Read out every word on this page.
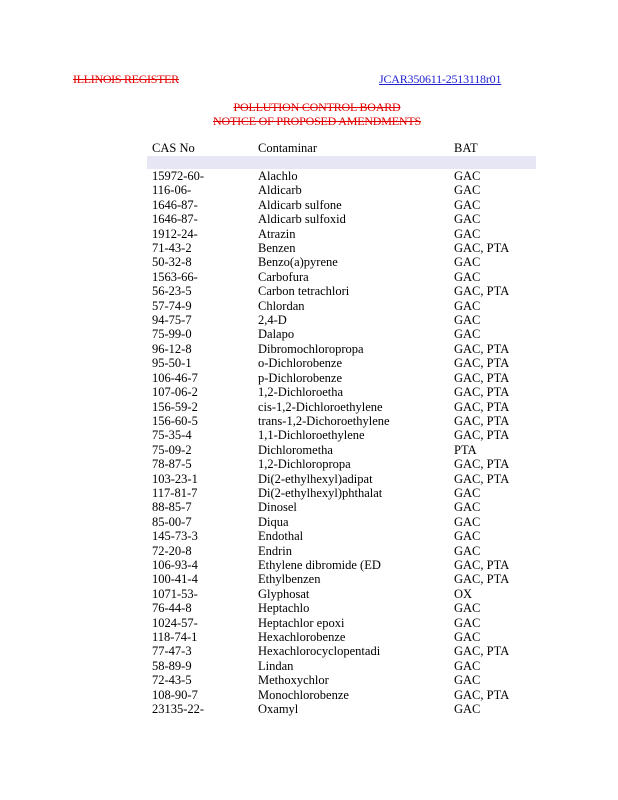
ILLINOIS REGISTER	JCAR350611-2513118r01
POLLUTION CONTROL BOARD
NOTICE OF PROPOSED AMENDMENTS
CAS No	Contaminar	BAT
15972-60-	Alachlo	GAC

116-06-	Aldicarb	GAC

1646-87-	Aldicarb sulfone	GAC

1646-87-	Aldicarb sulfoxid	GAC

1912-24-	Atrazin	GAC

71-43-2	Benzen	GAC, PTA

50-32-8	Benzo(a)pyrene	GAC

1563-66-	Carbofura	GAC

56-23-5	Carbon tetrachlori	GAC, PTA

57-74-9	Chlordan	GAC

94-75-7	2,4-D	GAC

75-99-0	Dalapo	GAC

96-12-8	Dibromochloropropa	GAC, PTA

95-50-1	o-Dichlorobenze	GAC, PTA

106-46-7	p-Dichlorobenze	GAC, PTA

107-06-2	1,2-Dichloroetha	GAC, PTA

156-59-2	cis-1,2-Dichloroethylene	GAC, PTA

156-60-5	trans-1,2-Dichoroethylene	GAC, PTA

75-35-4	1,1-Dichloroethylene	GAC, PTA

75-09-2	Dichlorometha	PTA

78-87-5	1,2-Dichloropropa	GAC, PTA

103-23-1	Di(2-ethylhexyl)adipat	GAC, PTA

117-81-7	Di(2-ethylhexyl)phthalat	GAC

88-85-7	Dinosel	GAC

85-00-7	Diqua	GAC

145-73-3	Endothal	GAC

72-20-8	Endrin	GAC

106-93-4	Ethylene dibromide (ED	GAC, PTA

100-41-4	Ethylbenzen	GAC, PTA

1071-53-	Glyphosat	OX

76-44-8	Heptachlo	GAC

1024-57-	Heptachlor epoxi	GAC

118-74-1	Hexachlorobenze	GAC

77-47-3	Hexachlorocyclopentadi	GAC, PTA

58-89-9	Lindan	GAC

72-43-5	Methoxychlor	GAC

108-90-7	Monochlorobenze	GAC, PTA

23135-22-	Oxamyl	GAC
